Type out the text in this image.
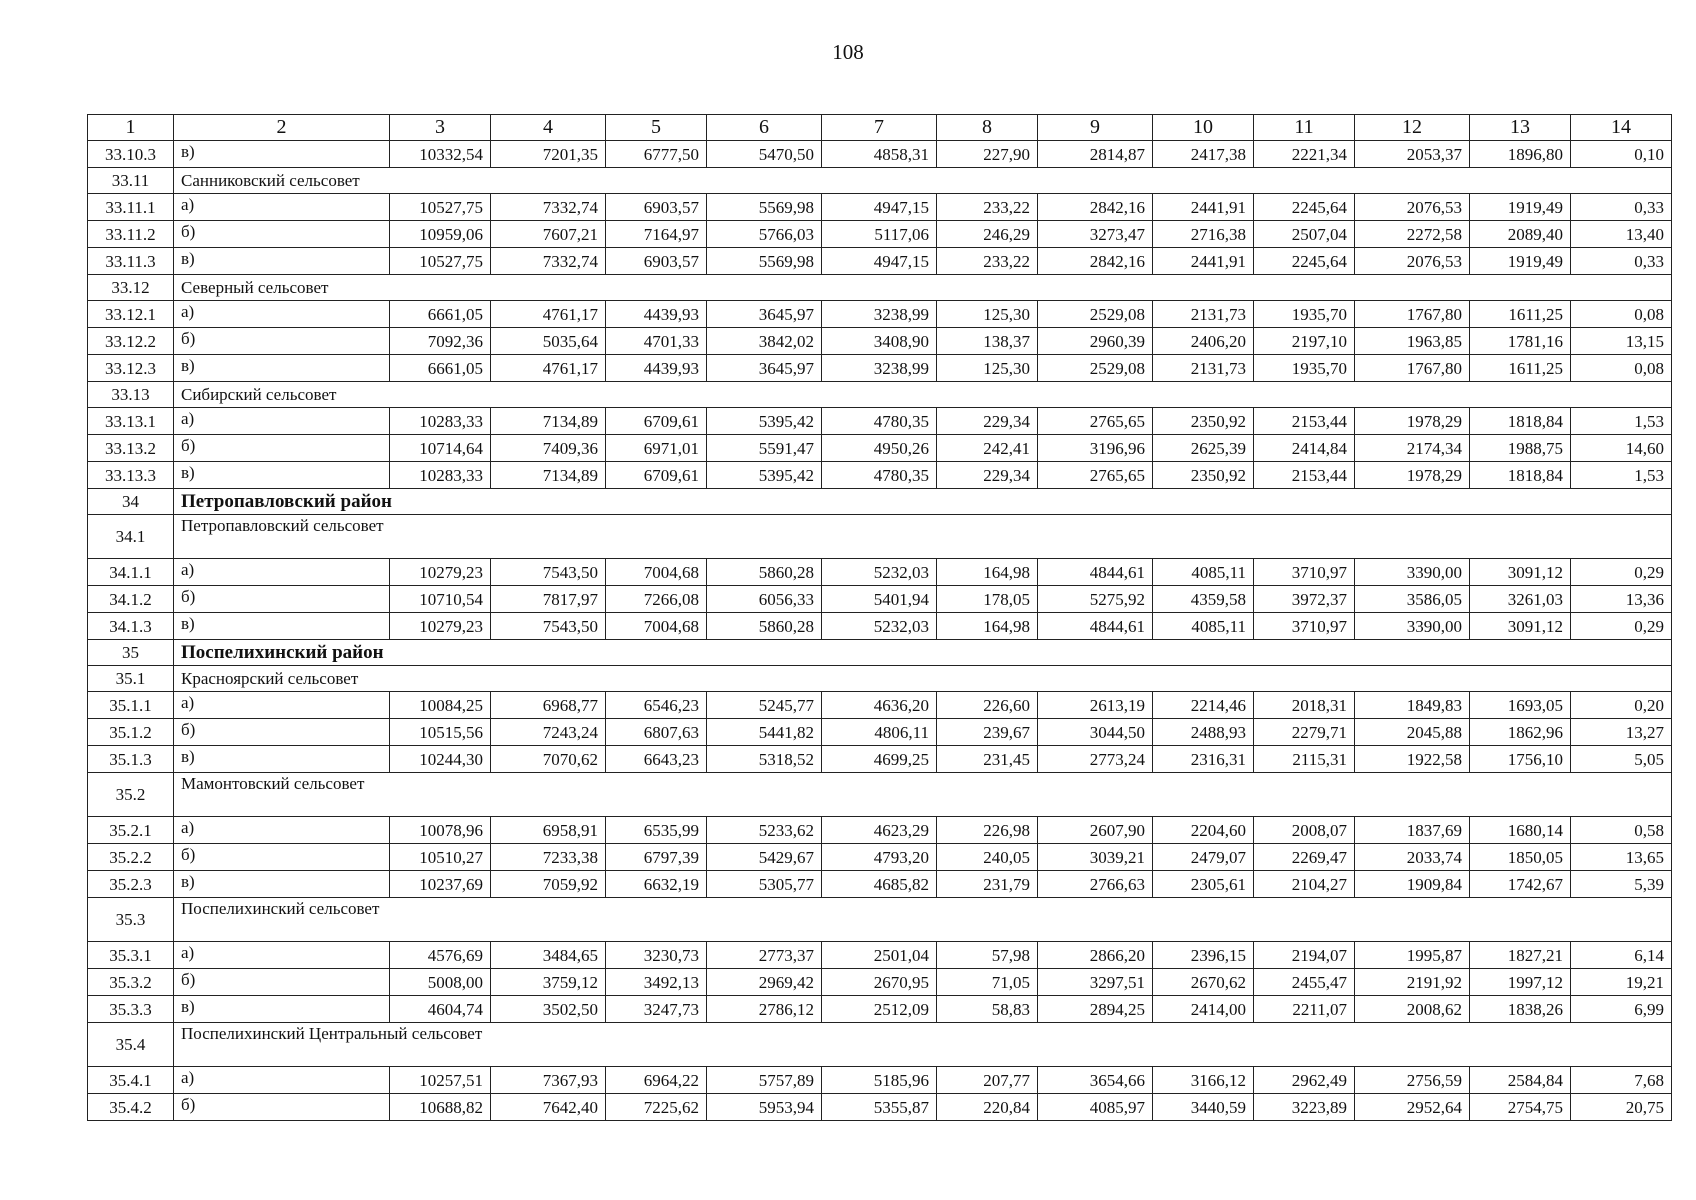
108
1	2	3	4	5	6	7	8	9	10	11	12	13	14
33.10.3	в)	10332,54	7201,35	6777,50	5470,50	4858,31	227,90	2814,87	2417,38	2221,34	2053,37	1896,80	0,10
33.11	Санниковский сельсовет												
33.11.1	а)	10527,75	7332,74	6903,57	5569,98	4947,15	233,22	2842,16	2441,91	2245,64	2076,53	1919,49	0,33
33.11.2	б)	10959,06	7607,21	7164,97	5766,03	5117,06	246,29	3273,47	2716,38	2507,04	2272,58	2089,40	13,40
33.11.3	в)	10527,75	7332,74	6903,57	5569,98	4947,15	233,22	2842,16	2441,91	2245,64	2076,53	1919,49	0,33
33.12	Северный сельсовет												
33.12.1	а)	6661,05	4761,17	4439,93	3645,97	3238,99	125,30	2529,08	2131,73	1935,70	1767,80	1611,25	0,08
33.12.2	б)	7092,36	5035,64	4701,33	3842,02	3408,90	138,37	2960,39	2406,20	2197,10	1963,85	1781,16	13,15
33.12.3	в)	6661,05	4761,17	4439,93	3645,97	3238,99	125,30	2529,08	2131,73	1935,70	1767,80	1611,25	0,08
33.13	Сибирский сельсовет												
33.13.1	а)	10283,33	7134,89	6709,61	5395,42	4780,35	229,34	2765,65	2350,92	2153,44	1978,29	1818,84	1,53
33.13.2	б)	10714,64	7409,36	6971,01	5591,47	4950,26	242,41	3196,96	2625,39	2414,84	2174,34	1988,75	14,60
33.13.3	в)	10283,33	7134,89	6709,61	5395,42	4780,35	229,34	2765,65	2350,92	2153,44	1978,29	1818,84	1,53
34	Петропавловский район												
34.1	Петропавловский сельсовет												
34.1.1	а)	10279,23	7543,50	7004,68	5860,28	5232,03	164,98	4844,61	4085,11	3710,97	3390,00	3091,12	0,29
34.1.2	б)	10710,54	7817,97	7266,08	6056,33	5401,94	178,05	5275,92	4359,58	3972,37	3586,05	3261,03	13,36
34.1.3	в)	10279,23	7543,50	7004,68	5860,28	5232,03	164,98	4844,61	4085,11	3710,97	3390,00	3091,12	0,29
35	Поспелихинский район												
35.1	Красноярский сельсовет												
35.1.1	а)	10084,25	6968,77	6546,23	5245,77	4636,20	226,60	2613,19	2214,46	2018,31	1849,83	1693,05	0,20
35.1.2	б)	10515,56	7243,24	6807,63	5441,82	4806,11	239,67	3044,50	2488,93	2279,71	2045,88	1862,96	13,27
35.1.3	в)	10244,30	7070,62	6643,23	5318,52	4699,25	231,45	2773,24	2316,31	2115,31	1922,58	1756,10	5,05
35.2	Мамонтовский сельсовет												
35.2.1	а)	10078,96	6958,91	6535,99	5233,62	4623,29	226,98	2607,90	2204,60	2008,07	1837,69	1680,14	0,58
35.2.2	б)	10510,27	7233,38	6797,39	5429,67	4793,20	240,05	3039,21	2479,07	2269,47	2033,74	1850,05	13,65
35.2.3	в)	10237,69	7059,92	6632,19	5305,77	4685,82	231,79	2766,63	2305,61	2104,27	1909,84	1742,67	5,39
35.3	Поспелихинский сельсовет												
35.3.1	а)	4576,69	3484,65	3230,73	2773,37	2501,04	57,98	2866,20	2396,15	2194,07	1995,87	1827,21	6,14
35.3.2	б)	5008,00	3759,12	3492,13	2969,42	2670,95	71,05	3297,51	2670,62	2455,47	2191,92	1997,12	19,21
35.3.3	в)	4604,74	3502,50	3247,73	2786,12	2512,09	58,83	2894,25	2414,00	2211,07	2008,62	1838,26	6,99
35.4	Поспелихинский Центральный сельсовет												
35.4.1	а)	10257,51	7367,93	6964,22	5757,89	5185,96	207,77	3654,66	3166,12	2962,49	2756,59	2584,84	7,68
35.4.2	б)	10688,82	7642,40	7225,62	5953,94	5355,87	220,84	4085,97	3440,59	3223,89	2952,64	2754,75	20,75
